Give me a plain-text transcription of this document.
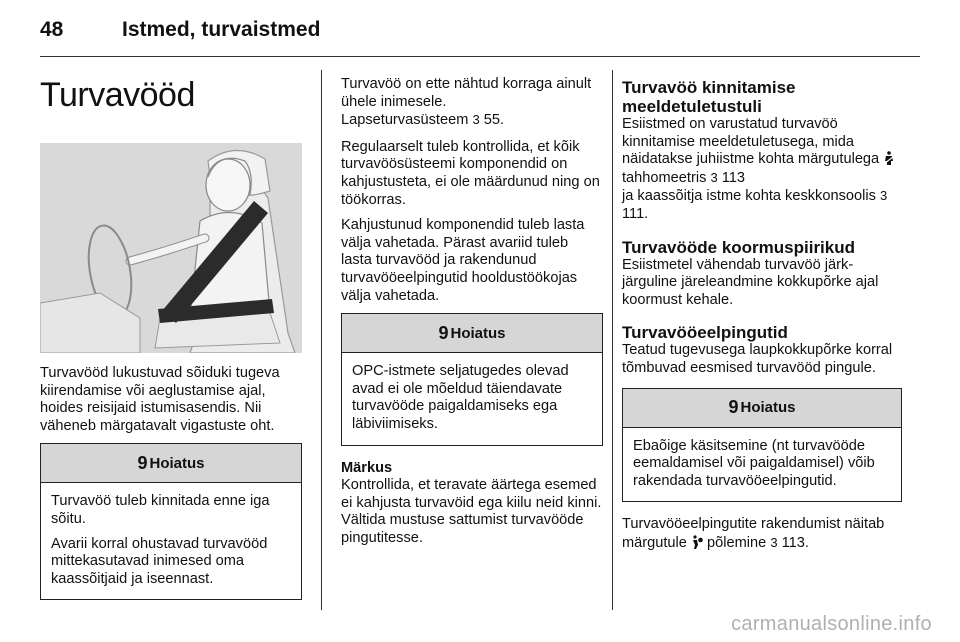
48	Istmed, turvaistmed
Turvavööd

Turvavööd lukustuvad sõiduki tugeva kiirendamise või aeglustamise ajal, hoides reisijaid istumisasendis. Nii väheneb märgatavalt vigastuste oht.

9 Hoiatus

Turvavöö tuleb kinnitada enne iga sõitu.

Avarii korral ohustavad turvavööd mittekasutavad inimesed oma kaassõitjaid ja iseennast.

Turvavöö on ette nähtud korraga ainult ühele inimesele.
Lapseturvasüsteem 3 55.

Regulaarselt tuleb kontrollida, et kõik turvavöösüsteemi komponendid on kahjustusteta, ei ole määrdunud ning on töökorras.

Kahjustunud komponendid tuleb lasta välja vahetada. Pärast avariid tuleb lasta turvavööd ja rakendunud turvavööeelpingutid hooldustöökojas välja vahetada.

9 Hoiatus

OPC-istmete seljatugedes olevad avad ei ole mõeldud täiendavate turvavööde paigaldamiseks ega läbiviimiseks.

Märkus

Kontrollida, et teravate äärtega esemed ei kahjusta turvavöid ega kiilu neid kinni. Vältida mustuse sattumist turvavööde pingutitesse.

Turvavöö kinnitamise meeldetuletustuli

Esiistmed on varustatud turvavöö kinnitamise meeldetuletusega, mida näidatakse juhiistme kohta märgutulega  tahhomeetris 3 113
ja kaassõitja istme kohta keskkonsoolis 3 111.

Turvavööde koormuspiirikud

Esiistmetel vähendab turvavöö järk-järguline järeleandmine kokkupõrke ajal koormust kehale.

Turvavööeelpingutid

Teatud tugevusega laupkokkupõrke korral tõmbuvad eesmised turvavööd pingule.

9 Hoiatus

Ebaõige käsitsemine (nt turvavööde eemaldamisel või paigaldamisel) võib rakendada turvavööeelpingutid.

Turvavööeelpingutite rakendumist näitab märgutule põlemine 3 113.

carmanualsonline.info
